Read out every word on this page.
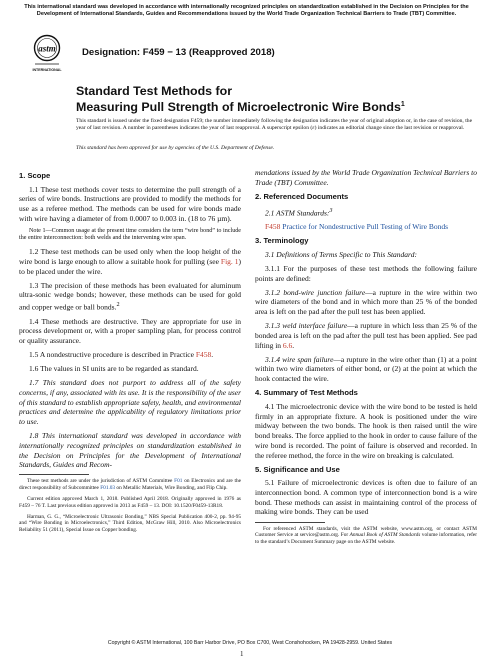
This international standard was developed in accordance with internationally recognized principles on standardization established in the Decision on Principles for the Development of International Standards, Guides and Recommendations issued by the World Trade Organization Technical Barriers to Trade (TBT) Committee.
astm
INTERNATIONAL
Designation: F459 − 13 (Reapproved 2018)
Standard Test Methods for
Measuring Pull Strength of Microelectronic Wire Bonds$^1$
This standard is issued under the fixed designation F459; the number immediately following the designation indicates the year of original adoption or, in the case of revision, the year of last revision. A number in parentheses indicates the year of last reapproval. A superscript epsilon (ε) indicates an editorial change since the last revision or reapproval.
This standard has been approved for use by agencies of the U.S. Department of Defense.
1. Scope

1.1 These test methods cover tests to determine the pull strength of a series of wire bonds. Instructions are provided to modify the methods for use as a referee method. The methods can be used for wire bonds made with wire having a diameter of from 0.0007 to 0.003 in. (18 to 76 µm).

Note 1—Common usage at the present time considers the term “wire bond” to include the entire interconnection: both welds and the intervening wire span.

1.2 These test methods can be used only when the loop height of the wire bond is large enough to allow a suitable hook for pulling (see Fig. 1) to be placed under the wire.

1.3 The precision of these methods has been evaluated for aluminum ultra-sonic wedge bonds; however, these methods can be used for gold and copper wedge or ball bonds.$^2$

1.4 These methods are destructive. They are appropriate for use in process development or, with a proper sampling plan, for process control or quality assurance.

1.5 A nondestructive procedure is described in Practice F458.

1.6 The values in SI units are to be regarded as standard.

1.7 This standard does not purport to address all of the safety concerns, if any, associated with its use. It is the responsibility of the user of this standard to establish appropriate safety, health, and environmental practices and determine the applicability of regulatory limitations prior to use.

1.8 This international standard was developed in accordance with internationally recognized principles on standardization established in the Decision on Principles for the Development of International Standards, Guides and Recom-

These test methods are under the jurisdiction of ASTM Committee F01 on Electronics and are the direct responsibility of Subcommittee F01.03 on Metallic Materials, Wire Bonding, and Flip Chip.

Current edition approved March 1, 2018. Published April 2018. Originally approved in 1976 as F459 – 76 T. Last previous edition approved in 2013 as F459 – 13. DOI: 10.1520/F0459-13R18.

Harman, G. G., “Microelectronic Ultrasonic Bonding,” NBS Special Publication 400-2, pp. 94-95 and “Wire Bonding in Microelectronics,” Third Edition, McGraw Hill, 2010. Also Microelectronics Reliability 51 (2011), Special Issue on Copper bonding.

mendations issued by the World Trade Organization Technical Barriers to Trade (TBT) Committee.

2. Referenced Documents

2.1 ASTM Standards:$^3$

F458 Practice for Nondestructive Pull Testing of Wire Bonds

3. Terminology

3.1 Definitions of Terms Specific to This Standard:

3.1.1 For the purposes of these test methods the following failure points are defined:

3.1.2 bond-wire junction failure—a rupture in the wire within two wire diameters of the bond and in which more than 25 % of the bonded area is left on the pad after the pull test has been applied.

3.1.3 weld interface failure—a rupture in which less than 25 % of the bonded area is left on the pad after the pull test has been applied. See pad lifting in 6.6.

3.1.4 wire span failure—a rupture in the wire other than (1) at a point within two wire diameters of either bond, or (2) at the point at which the hook contacted the wire.

4. Summary of Test Methods

4.1 The microelectronic device with the wire bond to be tested is held firmly in an appropriate fixture. A hook is positioned under the wire midway between the two bonds. The hook is then raised until the wire bond breaks. The force applied to the hook in order to cause failure of the wire bond is recorded. The point of failure is observed and recorded. In the referee method, the force in the wire on breaking is calculated.

5. Significance and Use

5.1 Failure of microelectronic devices is often due to failure of an interconnection bond. A common type of interconnection bond is a wire bond. These methods can assist in maintaining control of the process of making wire bonds. They can be used

For referenced ASTM standards, visit the ASTM website, www.astm.org, or contact ASTM Customer Service at service@astm.org. For Annual Book of ASTM Standards volume information, refer to the standard’s Document Summary page on the ASTM website.

Copyright © ASTM International, 100 Barr Harbor Drive, PO Box C700, West Conshohocken, PA 19428-2959. United States
1
